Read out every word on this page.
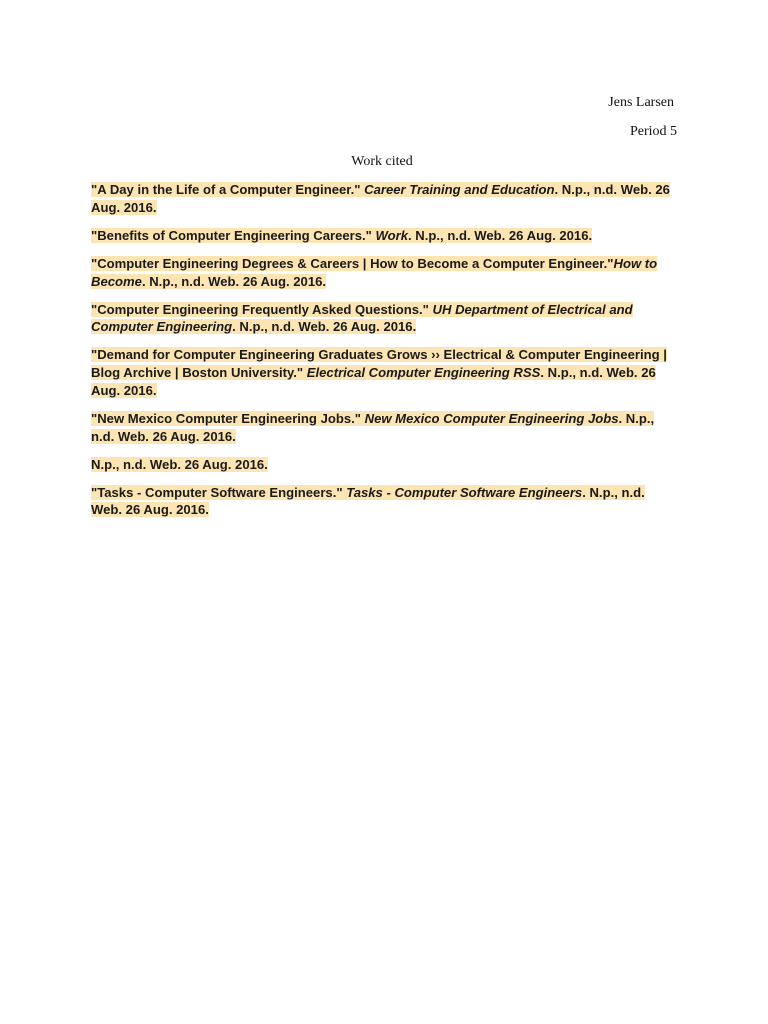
Jens Larsen
Period 5
Work cited
"A Day in the Life of a Computer Engineer." Career Training and Education. N.p., n.d. Web. 26 Aug. 2016.
"Benefits of Computer Engineering Careers." Work. N.p., n.d. Web. 26 Aug. 2016.
"Computer Engineering Degrees & Careers | How to Become a Computer Engineer."How to Become. N.p., n.d. Web. 26 Aug. 2016.
"Computer Engineering Frequently Asked Questions." UH Department of Electrical and Computer Engineering. N.p., n.d. Web. 26 Aug. 2016.
"Demand for Computer Engineering Graduates Grows ›› Electrical & Computer Engineering | Blog Archive | Boston University." Electrical Computer Engineering RSS. N.p., n.d. Web. 26 Aug. 2016.
"New Mexico Computer Engineering Jobs." New Mexico Computer Engineering Jobs. N.p., n.d. Web. 26 Aug. 2016.
N.p., n.d. Web. 26 Aug. 2016.
"Tasks - Computer Software Engineers." Tasks - Computer Software Engineers. N.p., n.d. Web. 26 Aug. 2016.
